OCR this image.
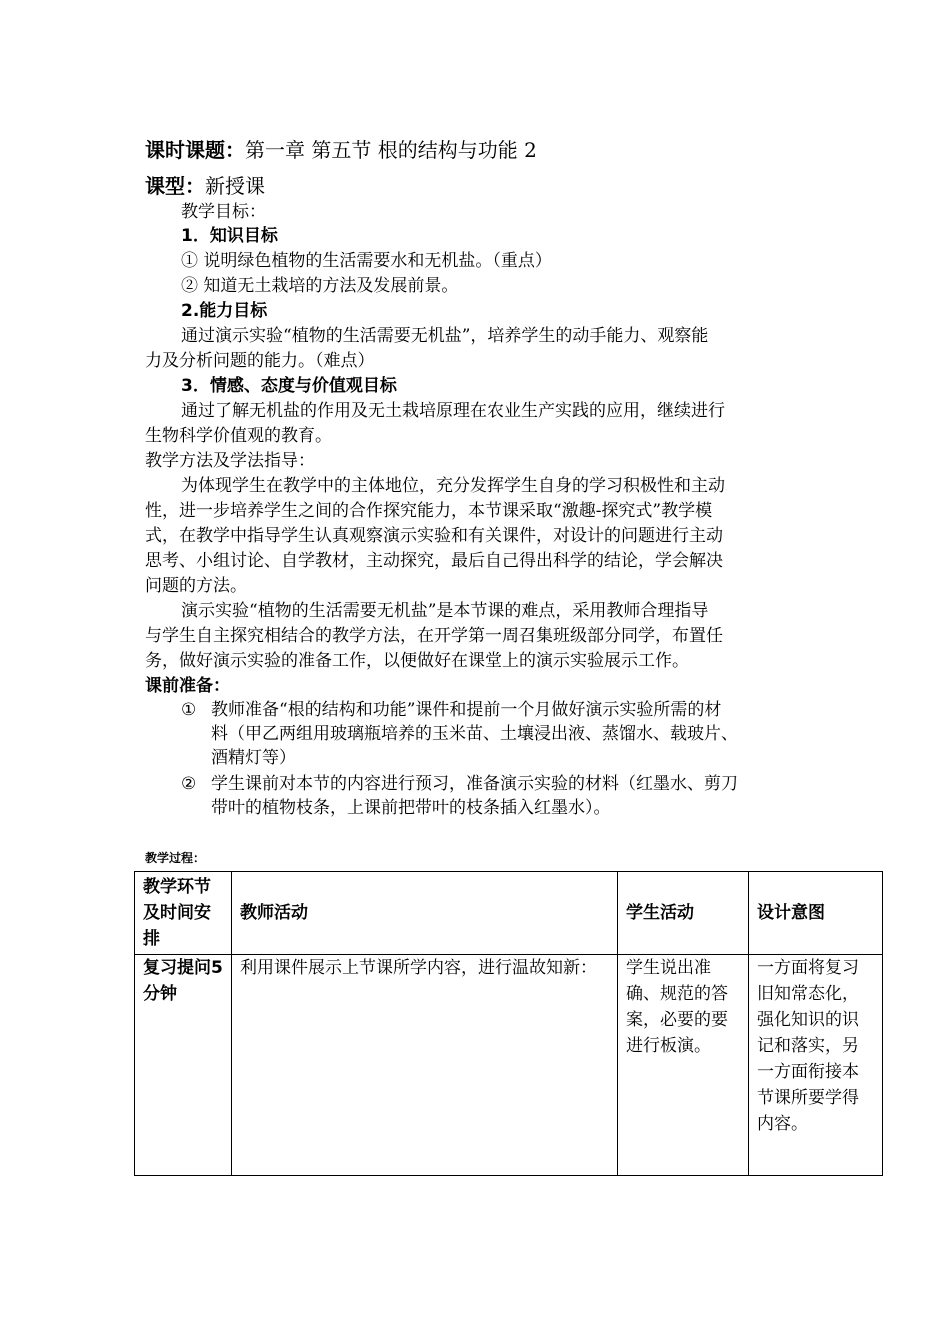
课时课题：第一章 第五节 根的结构与功能 2
课型：新授课
教学目标：
1．知识目标
① 说明绿色植物的生活需要水和无机盐。（重点）
② 知道无土栽培的方法及发展前景。
2.能力目标
通过演示实验“植物的生活需要无机盐”，培养学生的动手能力、观察能
力及分析问题的能力。（难点）
3．情感、态度与价值观目标
通过了解无机盐的作用及无土栽培原理在农业生产实践的应用，继续进行
生物科学价值观的教育。
教学方法及学法指导：
为体现学生在教学中的主体地位，充分发挥学生自身的学习积极性和主动
性，进一步培养学生之间的合作探究能力，本节课采取“激趣-探究式”教学模
式，在教学中指导学生认真观察演示实验和有关课件，对设计的问题进行主动
思考、小组讨论、自学教材，主动探究，最后自己得出科学的结论，学会解决
问题的方法。
演示实验“植物的生活需要无机盐”是本节课的难点，采用教师合理指导
与学生自主探究相结合的教学方法，在开学第一周召集班级部分同学，布置任
务，做好演示实验的准备工作，以便做好在课堂上的演示实验展示工作。
课前准备：
① 教师准备“根的结构和功能”课件和提前一个月做好演示实验所需的材
料（甲乙两组用玻璃瓶培养的玉米苗、土壤浸出液、蒸馏水、载玻片、
酒精灯等）
② 学生课前对本节的内容进行预习，准备演示实验的材料（红墨水、剪刀
带叶的植物枝条，上课前把带叶的枝条插入红墨水）。
教学过程：
教学环节及时间安排	教师活动	学生活动	设计意图
复习提问5分钟	利用课件展示上节课所学内容，进行温故知新：	学生说出准确、规范的答案，必要的要进行板演。	一方面将复习旧知常态化，强化知识的识记和落实，另一方面衔接本节课所要学得内容。
